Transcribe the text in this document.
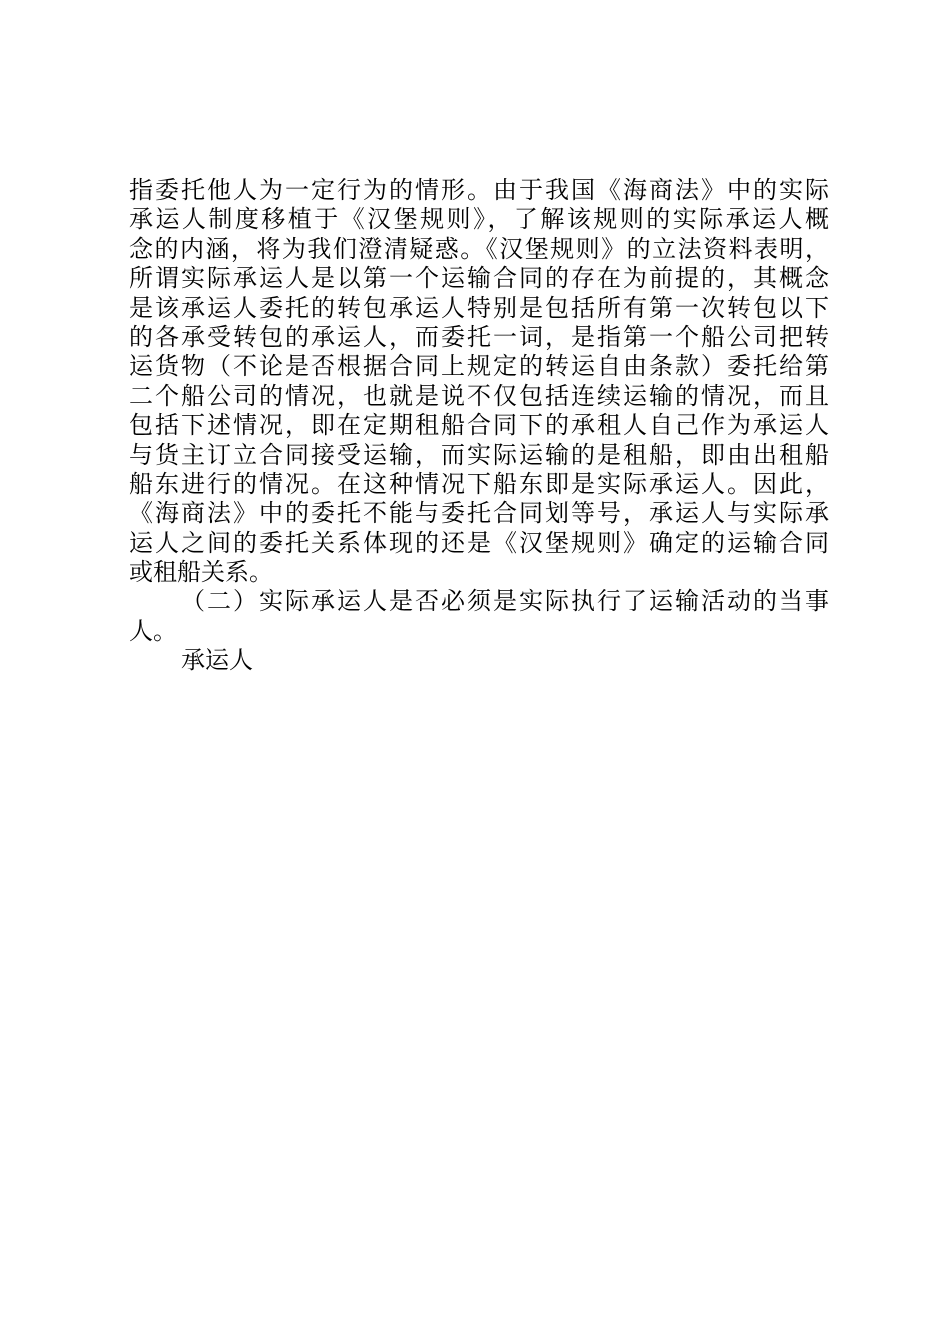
指委托他人为一定行为的情形。由于我国《海商法》中的实际
承运人制度移植于《汉堡规则》，了解该规则的实际承运人概
念的内涵，将为我们澄清疑惑。《汉堡规则》的立法资料表明，
所谓实际承运人是以第一个运输合同的存在为前提的，其概念
是该承运人委托的转包承运人特别是包括所有第一次转包以下
的各承受转包的承运人，而委托一词，是指第一个船公司把转
运货物（不论是否根据合同上规定的转运自由条款）委托给第
二个船公司的情况，也就是说不仅包括连续运输的情况，而且
包括下述情况，即在定期租船合同下的承租人自己作为承运人
与货主订立合同接受运输，而实际运输的是租船，即由出租船
船东进行的情况。在这种情况下船东即是实际承运人。因此，
《海商法》中的委托不能与委托合同划等号，承运人与实际承
运人之间的委托关系体现的还是《汉堡规则》确定的运输合同
或租船关系。
（二）实际承运人是否必须是实际执行了运输活动的当事
人。
承运人
